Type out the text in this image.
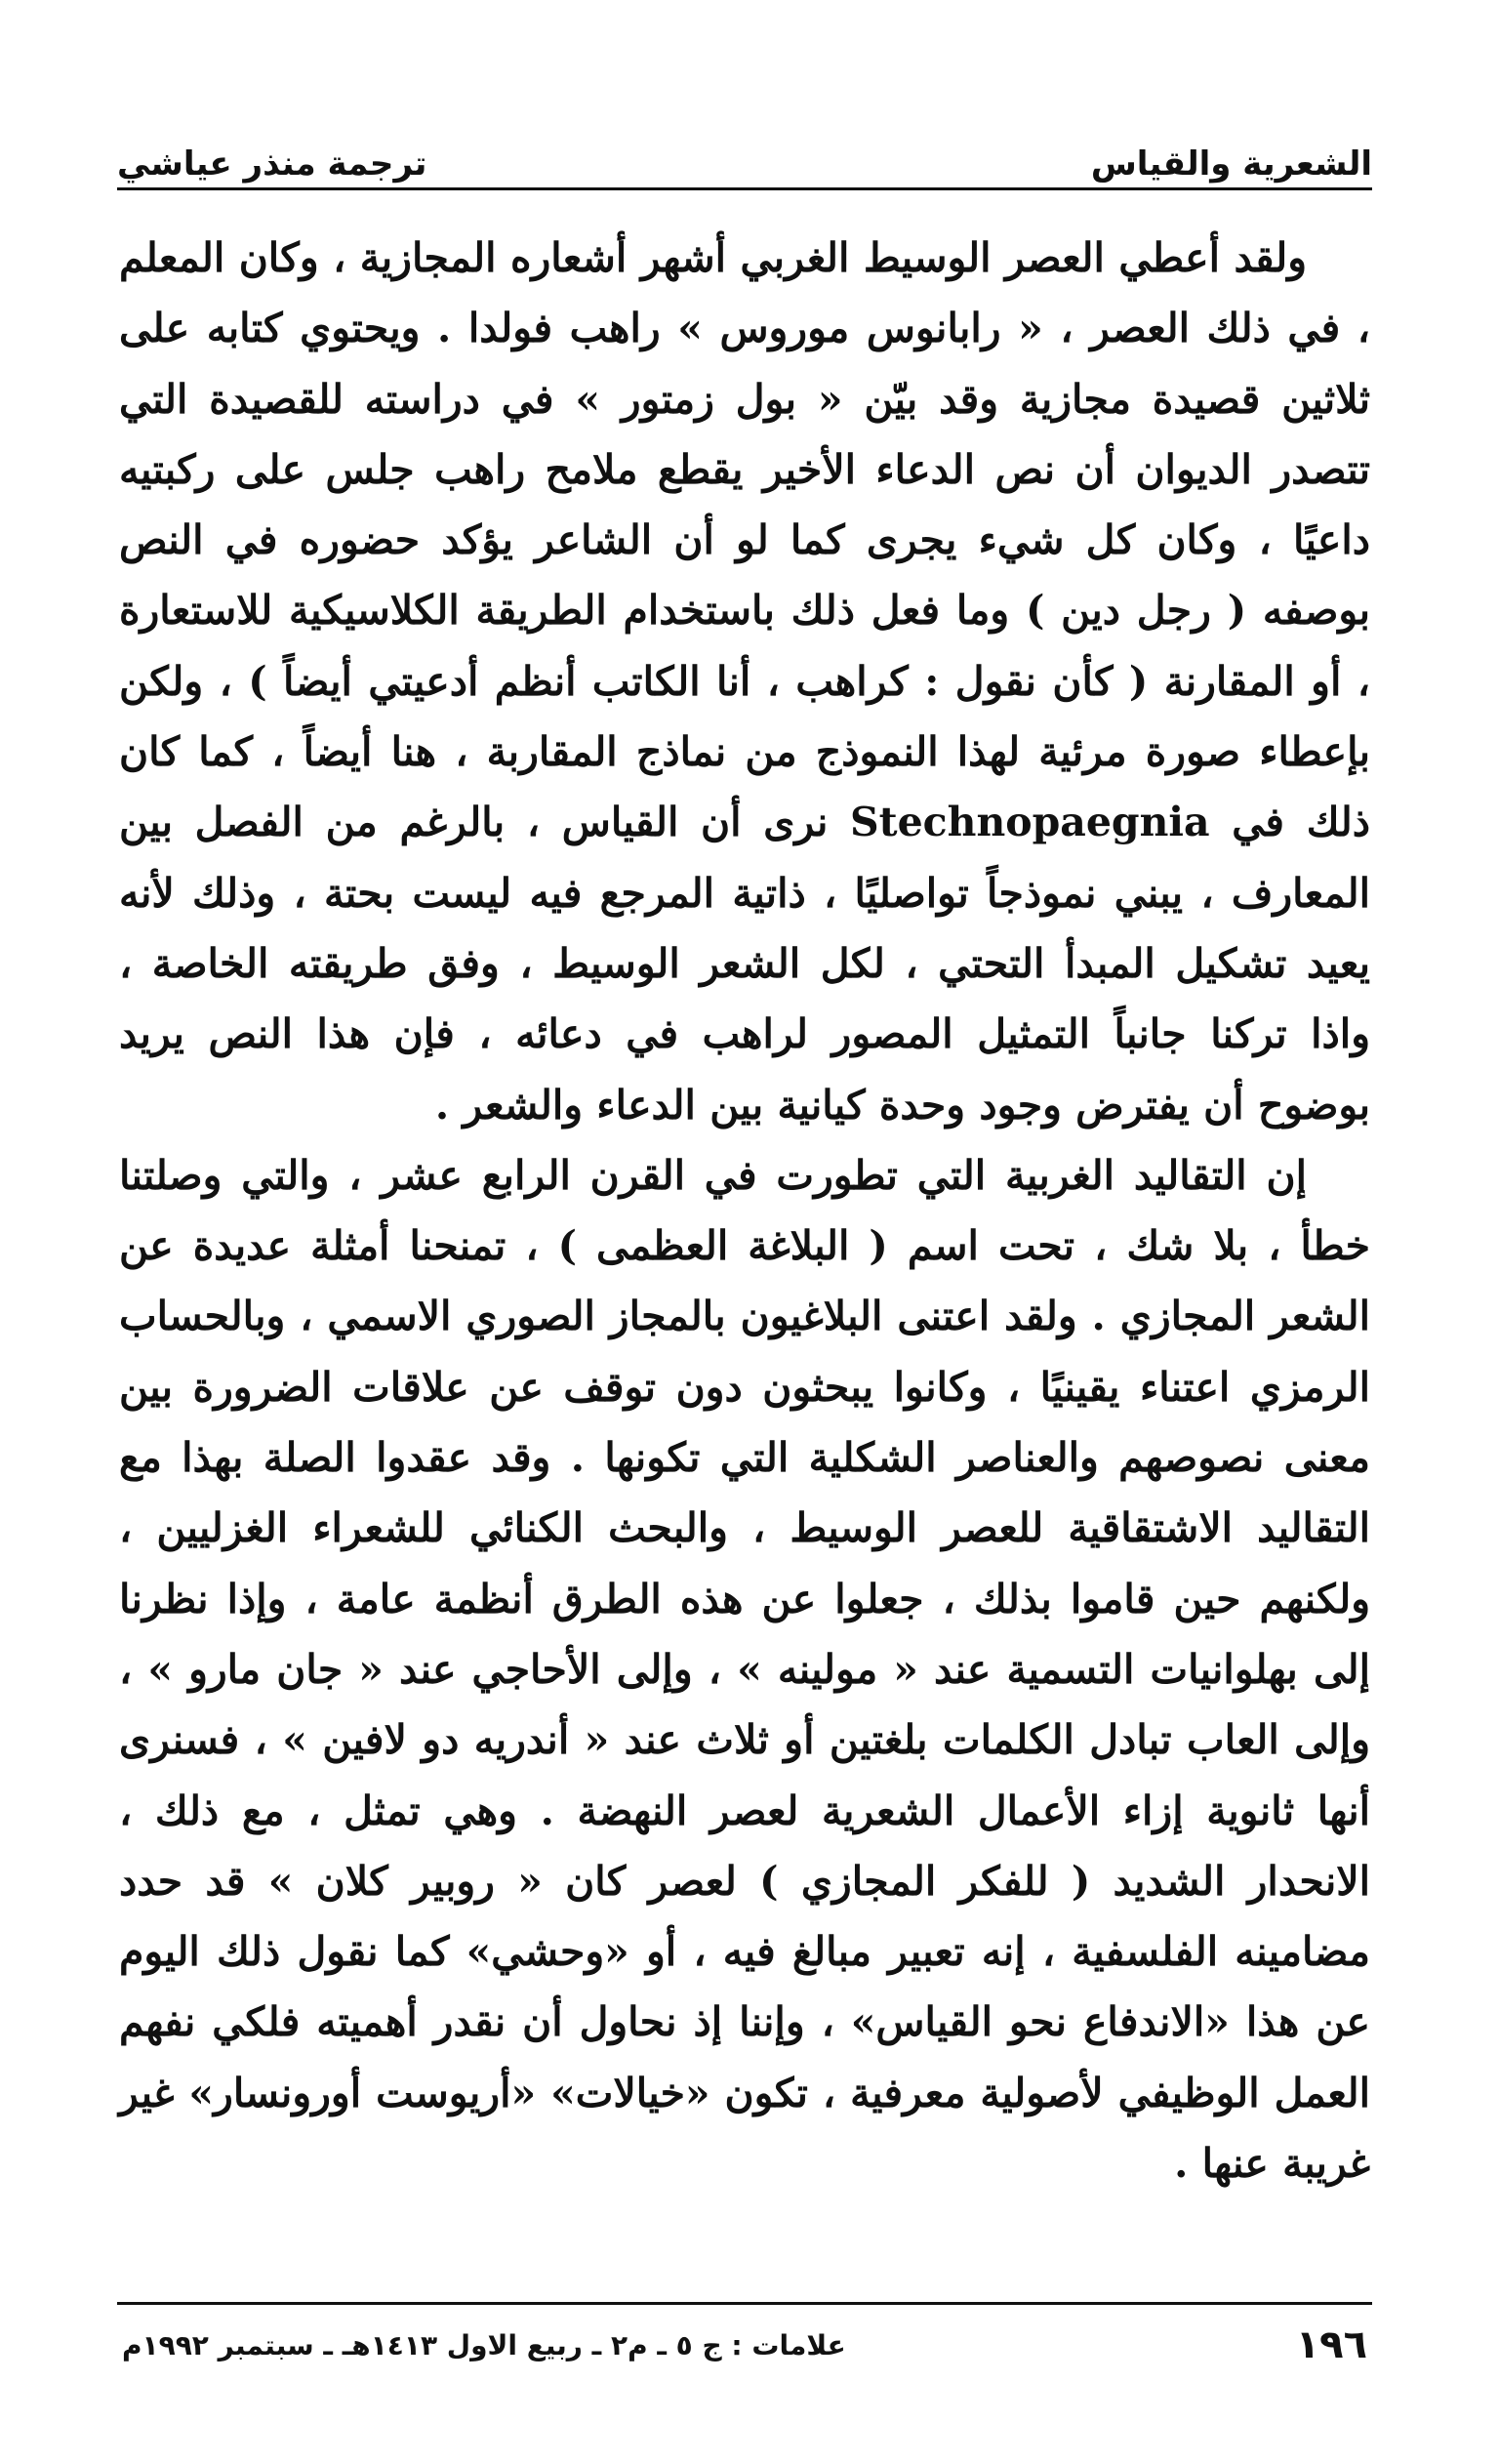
الشعرية والقياس
ترجمة منذر عياشي

ولقد أعطي العصر الوسيط الغربي أشهر أشعاره المجازية ، وكان المعلم ، في ذلك العصر ، « رابانوس موروس » راهب فولدا . ويحتوي كتابه على ثلاثين قصيدة مجازية وقد بيّن « بول زمتور » في دراسته للقصيدة التي تتصدر الديوان أن نص الدعاء الأخير يقطع ملامح راهب جلس على ركبتيه داعيًا ، وكان كل شيء يجرى كما لو أن الشاعر يؤكد حضوره في النص بوصفه ( رجل دين ) وما فعل ذلك باستخدام الطريقة الكلاسيكية للاستعارة ، أو المقارنة ( كأن نقول : كراهب ، أنا الكاتب أنظم أدعيتي أيضاً ) ، ولكن بإعطاء صورة مرئية لهذا النموذج من نماذج المقاربة ، هنا أيضاً ، كما كان ذلك في Stechnopaegnia نرى أن القياس ، بالرغم من الفصل بين المعارف ، يبني نموذجاً تواصليًا ، ذاتية المرجع فيه ليست بحتة ، وذلك لأنه يعيد تشكيل المبدأ التحتي ، لكل الشعر الوسيط ، وفق طريقته الخاصة ، واذا تركنا جانباً التمثيل المصور لراهب في دعائه ، فإن هذا النص يريد بوضوح أن يفترض وجود وحدة كيانية بين الدعاء والشعر .

إن التقاليد الغربية التي تطورت في القرن الرابع عشر ، والتي وصلتنا خطأ ، بلا شك ، تحت اسم ( البلاغة العظمى ) ، تمنحنا أمثلة عديدة عن الشعر المجازي . ولقد اعتنى البلاغيون بالمجاز الصوري الاسمي ، وبالحساب الرمزي اعتناء يقينيًا ، وكانوا يبحثون دون توقف عن علاقات الضرورة بين معنى نصوصهم والعناصر الشكلية التي تكونها . وقد عقدوا الصلة بهذا مع التقاليد الاشتقاقية للعصر الوسيط ، والبحث الكنائي للشعراء الغزليين ، ولكنهم حين قاموا بذلك ، جعلوا عن هذه الطرق أنظمة عامة ، وإذا نظرنا إلى بهلوانيات التسمية عند « مولينه » ، وإلى الأحاجي عند « جان مارو » ، وإلى العاب تبادل الكلمات بلغتين أو ثلاث عند « أندريه دو لافين » ، فسنرى أنها ثانوية إزاء الأعمال الشعرية لعصر النهضة . وهي تمثل ، مع ذلك ، الانحدار الشديد ( للفكر المجازي ) لعصر كان « روبير كلان » قد حدد مضامينه الفلسفية ، إنه تعبير مبالغ فيه ، أو «وحشي» كما نقول ذلك اليوم عن هذا «الاندفاع نحو القياس» ، وإننا إذ نحاول أن نقدر أهميته فلكي نفهم العمل الوظيفي لأصولية معرفية ، تكون «خيالات» «أريوست أورونسار» غير غريبة عنها .

١٩٦
علامات : ج ٥ ـ م٢ ـ ربيع الاول ١٤١٣هـ ـ سبتمبر ١٩٩٢م
